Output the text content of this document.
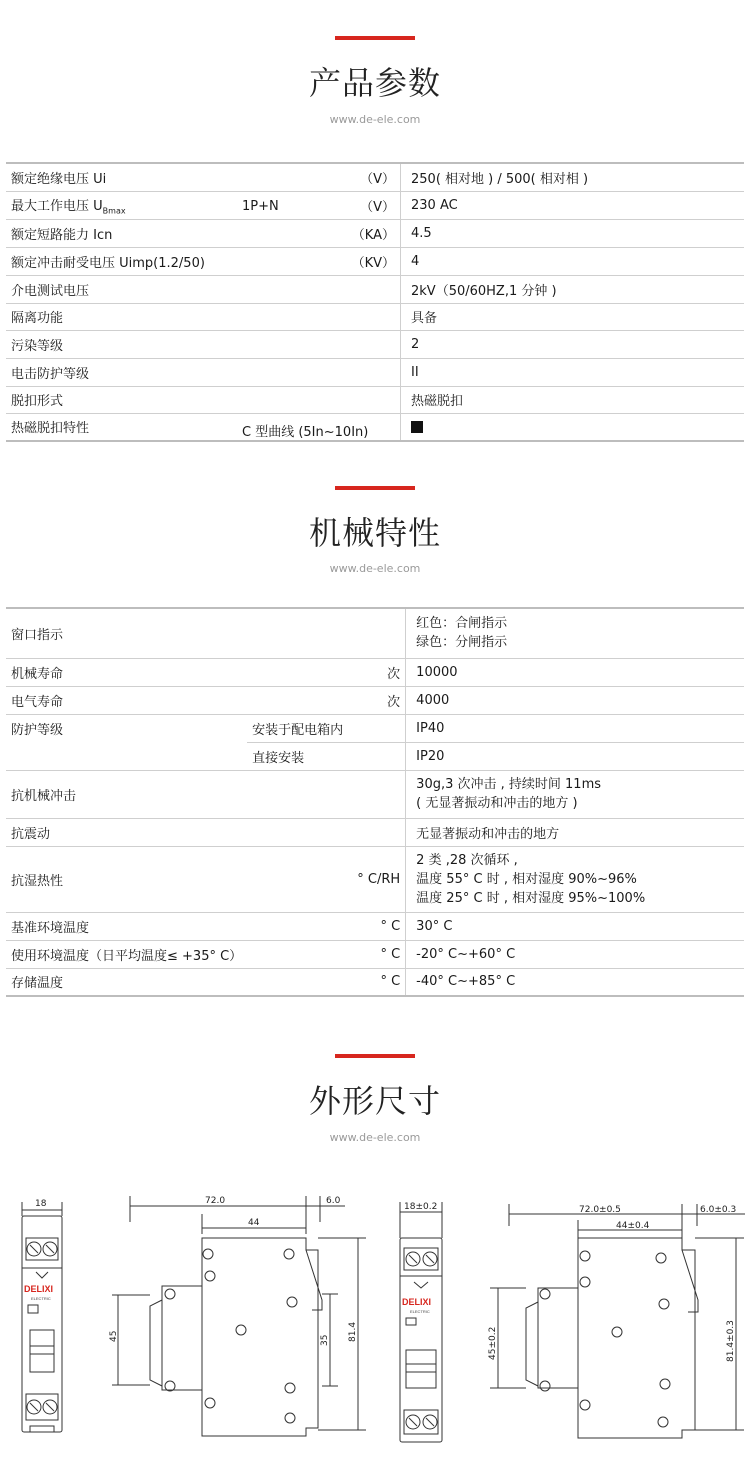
产品参数
www.de-ele.com
额定绝缘电压 Ui	（V）	250( 相对地 ) / 500( 相对相 )
最大工作电压 $U_{Bmax}$	1P+N （V）	230 AC
额定短路能力 Icn	（KA）	4.5
额定冲击耐受电压 Uimp(1.2/50)	（KV）	4
介电测试电压		2kV（50/60HZ,1 分钟 )
隔离功能		具备
污染等级		2
电击防护等级		II
脱扣形式		热磁脱扣
热磁脱扣特性	C 型曲线 (5In~10In)	

机械特性
www.de-ele.com
窗口指示		红色：合闸指示
绿色：分闸指示

机械寿命	次	10000
电气寿命	次	4000
防护等级	安装于配电箱内	IP40
	直接安装	IP20
抗机械冲击		30g,3 次冲击 , 持续时间 11ms
( 无显著振动和冲击的地方 )

抗震动		无显著振动和冲击的地方
抗湿热性	° C/RH	2 类 ,28 次循环 ,
温度 55° C 时 , 相对湿度 90%~96%
温度 25° C 时 , 相对湿度 95%~100%

基准环境温度	° C	30° C
使用环境温度（日平均温度≤ +35° C）	° C	-20° C~+60° C
存储温度	° C	-40° C~+85° C
外形尺寸
www.de-ele.com
18
DELIXI
ELECTRIC
72.0
44
6.0
45	35 81.4
18±0.2
DELIXI
ELECTRIC
72.0±0.5
44±0.4
6.0±0.3
45±0.2	81.4±0.3
